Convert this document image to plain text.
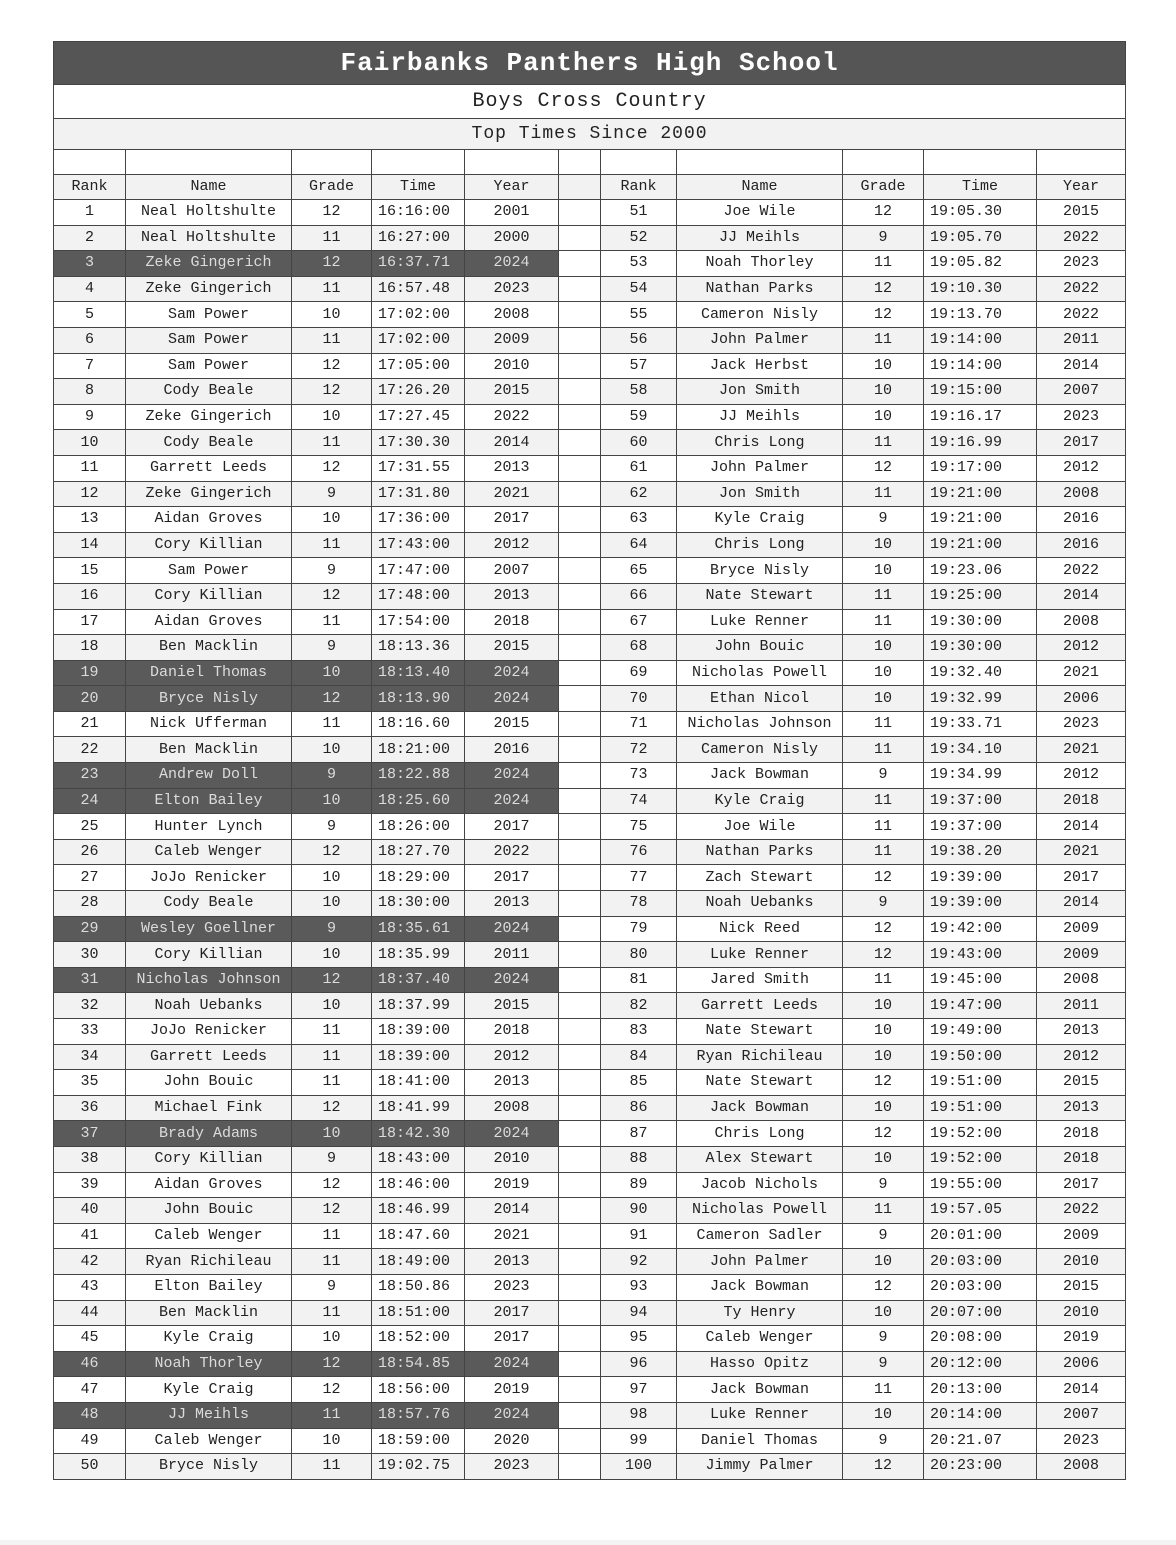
Fairbanks Panthers High School										
Boys Cross Country										
Top Times Since 2000										

Rank	Name	Grade	Time	Year		Rank	Name	Grade	Time	Year
1	Neal Holtshulte	12	16:16:00	2001		51	Joe Wile	12	19:05.30	2015
2	Neal Holtshulte	11	16:27:00	2000		52	JJ Meihls	9	19:05.70	2022
3	Zeke Gingerich	12	16:37.71	2024		53	Noah Thorley	11	19:05.82	2023
4	Zeke Gingerich	11	16:57.48	2023		54	Nathan Parks	12	19:10.30	2022
5	Sam Power	10	17:02:00	2008		55	Cameron Nisly	12	19:13.70	2022
6	Sam Power	11	17:02:00	2009		56	John Palmer	11	19:14:00	2011
7	Sam Power	12	17:05:00	2010		57	Jack Herbst	10	19:14:00	2014
8	Cody Beale	12	17:26.20	2015		58	Jon Smith	10	19:15:00	2007
9	Zeke Gingerich	10	17:27.45	2022		59	JJ Meihls	10	19:16.17	2023
10	Cody Beale	11	17:30.30	2014		60	Chris Long	11	19:16.99	2017
11	Garrett Leeds	12	17:31.55	2013		61	John Palmer	12	19:17:00	2012
12	Zeke Gingerich	9	17:31.80	2021		62	Jon Smith	11	19:21:00	2008
13	Aidan Groves	10	17:36:00	2017		63	Kyle Craig	9	19:21:00	2016
14	Cory Killian	11	17:43:00	2012		64	Chris Long	10	19:21:00	2016
15	Sam Power	9	17:47:00	2007		65	Bryce Nisly	10	19:23.06	2022
16	Cory Killian	12	17:48:00	2013		66	Nate Stewart	11	19:25:00	2014
17	Aidan Groves	11	17:54:00	2018		67	Luke Renner	11	19:30:00	2008
18	Ben Macklin	9	18:13.36	2015		68	John Bouic	10	19:30:00	2012
19	Daniel Thomas	10	18:13.40	2024		69	Nicholas Powell	10	19:32.40	2021
20	Bryce Nisly	12	18:13.90	2024		70	Ethan Nicol	10	19:32.99	2006
21	Nick Ufferman	11	18:16.60	2015		71	Nicholas Johnson	11	19:33.71	2023
22	Ben Macklin	10	18:21:00	2016		72	Cameron Nisly	11	19:34.10	2021
23	Andrew Doll	9	18:22.88	2024		73	Jack Bowman	9	19:34.99	2012
24	Elton Bailey	10	18:25.60	2024		74	Kyle Craig	11	19:37:00	2018
25	Hunter Lynch	9	18:26:00	2017		75	Joe Wile	11	19:37:00	2014
26	Caleb Wenger	12	18:27.70	2022		76	Nathan Parks	11	19:38.20	2021
27	JoJo Renicker	10	18:29:00	2017		77	Zach Stewart	12	19:39:00	2017
28	Cody Beale	10	18:30:00	2013		78	Noah Uebanks	9	19:39:00	2014
29	Wesley Goellner	9	18:35.61	2024		79	Nick Reed	12	19:42:00	2009
30	Cory Killian	10	18:35.99	2011		80	Luke Renner	12	19:43:00	2009
31	Nicholas Johnson	12	18:37.40	2024		81	Jared Smith	11	19:45:00	2008
32	Noah Uebanks	10	18:37.99	2015		82	Garrett Leeds	10	19:47:00	2011
33	JoJo Renicker	11	18:39:00	2018		83	Nate Stewart	10	19:49:00	2013
34	Garrett Leeds	11	18:39:00	2012		84	Ryan Richileau	10	19:50:00	2012
35	John Bouic	11	18:41:00	2013		85	Nate Stewart	12	19:51:00	2015
36	Michael Fink	12	18:41.99	2008		86	Jack Bowman	10	19:51:00	2013
37	Brady Adams	10	18:42.30	2024		87	Chris Long	12	19:52:00	2018
38	Cory Killian	9	18:43:00	2010		88	Alex Stewart	10	19:52:00	2018
39	Aidan Groves	12	18:46:00	2019		89	Jacob Nichols	9	19:55:00	2017
40	John Bouic	12	18:46.99	2014		90	Nicholas Powell	11	19:57.05	2022
41	Caleb Wenger	11	18:47.60	2021		91	Cameron Sadler	9	20:01:00	2009
42	Ryan Richileau	11	18:49:00	2013		92	John Palmer	10	20:03:00	2010
43	Elton Bailey	9	18:50.86	2023		93	Jack Bowman	12	20:03:00	2015
44	Ben Macklin	11	18:51:00	2017		94	Ty Henry	10	20:07:00	2010
45	Kyle Craig	10	18:52:00	2017		95	Caleb Wenger	9	20:08:00	2019
46	Noah Thorley	12	18:54.85	2024		96	Hasso Opitz	9	20:12:00	2006
47	Kyle Craig	12	18:56:00	2019		97	Jack Bowman	11	20:13:00	2014
48	JJ Meihls	11	18:57.76	2024		98	Luke Renner	10	20:14:00	2007
49	Caleb Wenger	10	18:59:00	2020		99	Daniel Thomas	9	20:21.07	2023
50	Bryce Nisly	11	19:02.75	2023		100	Jimmy Palmer	12	20:23:00	2008
